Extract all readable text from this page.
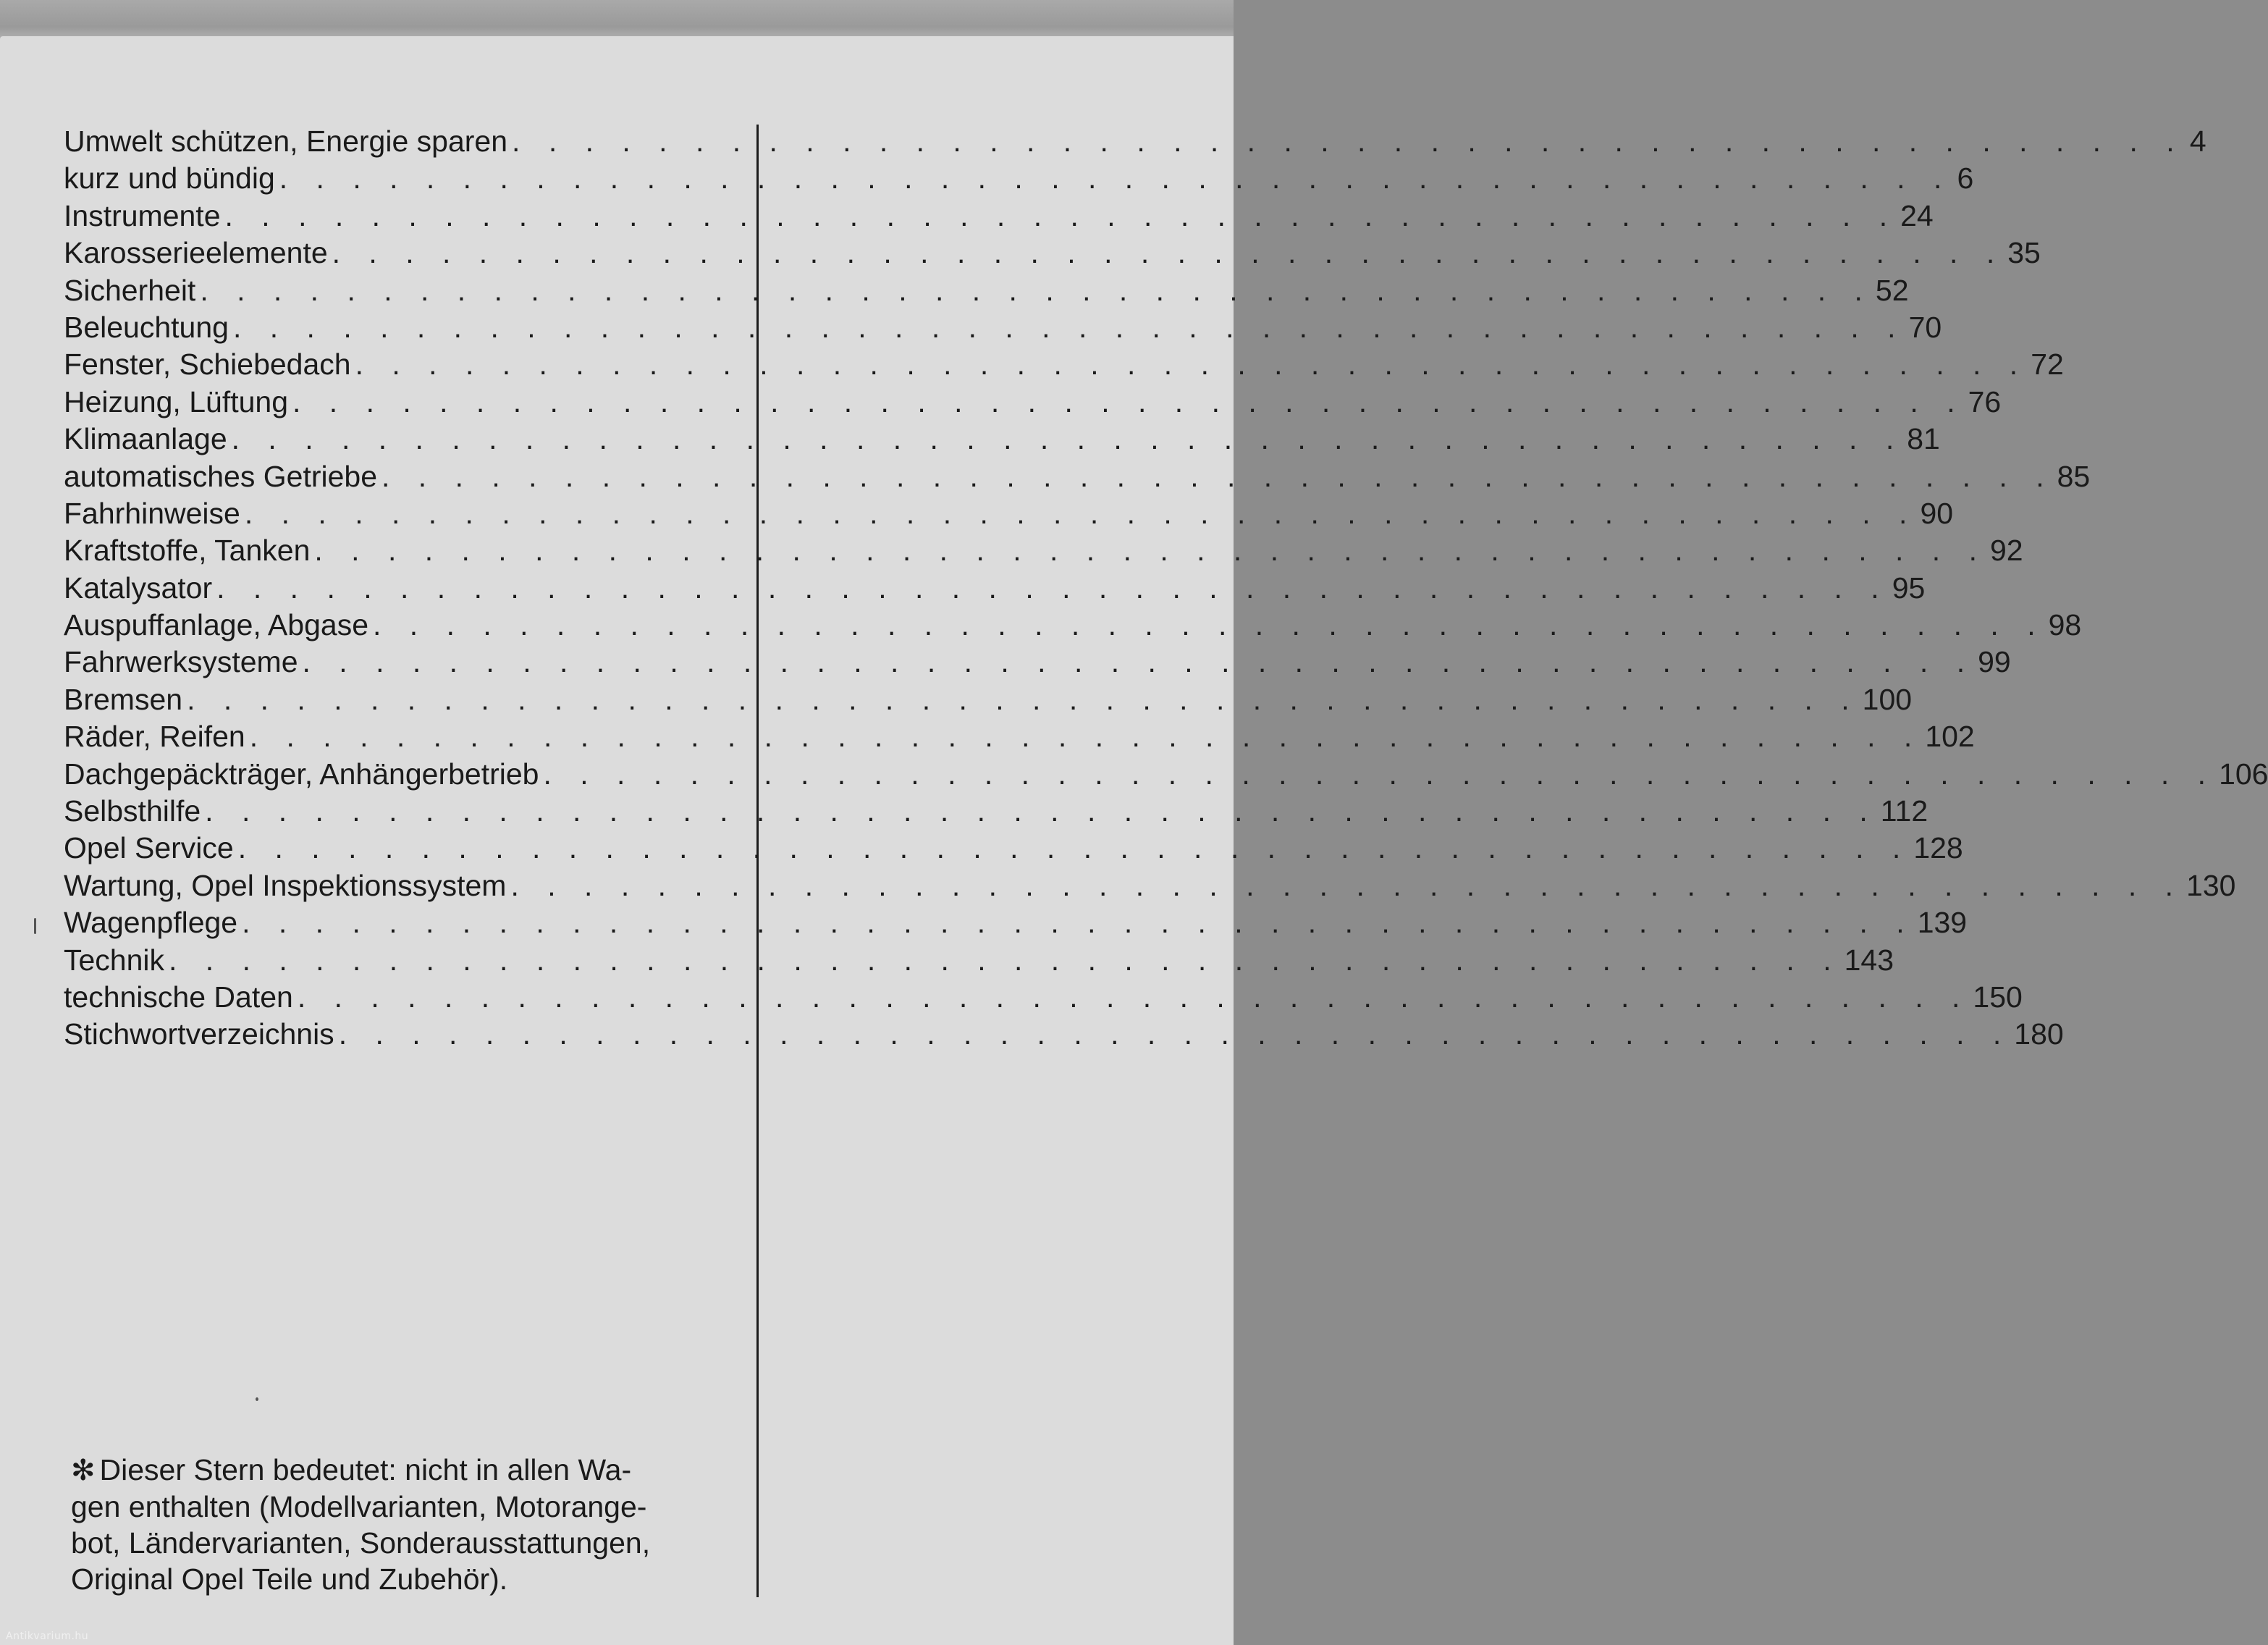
Umwelt schützen, Energie sparen . . . . . . . . . . . . . . . . . . . . . . . . . . . . . . . . . . . . . . . . . . . . . . 4
kurz und bündig . . . . . . . . . . . . . . . . . . . . . . . . . . . . . . . . . . . . . . . . . . . . . . 6
Instrumente . . . . . . . . . . . . . . . . . . . . . . . . . . . . . . . . . . . . . . . . . . . . . . 24
Karosserieelemente . . . . . . . . . . . . . . . . . . . . . . . . . . . . . . . . . . . . . . . . . . . . . . 35
Sicherheit . . . . . . . . . . . . . . . . . . . . . . . . . . . . . . . . . . . . . . . . . . . . . . 52
Beleuchtung . . . . . . . . . . . . . . . . . . . . . . . . . . . . . . . . . . . . . . . . . . . . . . 70
Fenster, Schiebedach . . . . . . . . . . . . . . . . . . . . . . . . . . . . . . . . . . . . . . . . . . . . . . 72
Heizung, Lüftung . . . . . . . . . . . . . . . . . . . . . . . . . . . . . . . . . . . . . . . . . . . . . . 76
Klimaanlage . . . . . . . . . . . . . . . . . . . . . . . . . . . . . . . . . . . . . . . . . . . . . . 81
automatisches Getriebe . . . . . . . . . . . . . . . . . . . . . . . . . . . . . . . . . . . . . . . . . . . . . . 85
Fahrhinweise . . . . . . . . . . . . . . . . . . . . . . . . . . . . . . . . . . . . . . . . . . . . . . 90
Kraftstoffe, Tanken . . . . . . . . . . . . . . . . . . . . . . . . . . . . . . . . . . . . . . . . . . . . . . 92
Katalysator . . . . . . . . . . . . . . . . . . . . . . . . . . . . . . . . . . . . . . . . . . . . . . 95
Auspuffanlage, Abgase . . . . . . . . . . . . . . . . . . . . . . . . . . . . . . . . . . . . . . . . . . . . . . 98
Fahrwerksysteme . . . . . . . . . . . . . . . . . . . . . . . . . . . . . . . . . . . . . . . . . . . . . . 99
Bremsen . . . . . . . . . . . . . . . . . . . . . . . . . . . . . . . . . . . . . . . . . . . . . . 100
Räder, Reifen . . . . . . . . . . . . . . . . . . . . . . . . . . . . . . . . . . . . . . . . . . . . . . 102
Dachgepäckträger, Anhängerbetrieb . . . . . . . . . . . . . . . . . . . . . . . . . . . . . . . . . . . . . . . . . . . . . . 106
Selbsthilfe . . . . . . . . . . . . . . . . . . . . . . . . . . . . . . . . . . . . . . . . . . . . . . 112
Opel Service . . . . . . . . . . . . . . . . . . . . . . . . . . . . . . . . . . . . . . . . . . . . . . 128
Wartung, Opel Inspektionssystem . . . . . . . . . . . . . . . . . . . . . . . . . . . . . . . . . . . . . . . . . . . . . . 130
Wagenpflege . . . . . . . . . . . . . . . . . . . . . . . . . . . . . . . . . . . . . . . . . . . . . . 139
Technik . . . . . . . . . . . . . . . . . . . . . . . . . . . . . . . . . . . . . . . . . . . . . . 143
technische Daten . . . . . . . . . . . . . . . . . . . . . . . . . . . . . . . . . . . . . . . . . . . . . . 150
Stichwortverzeichnis . . . . . . . . . . . . . . . . . . . . . . . . . . . . . . . . . . . . . . . . . . . . . . 180

✻ Dieser Stern bedeutet: nicht in allen Wa-

gen enthalten (Modellvarianten, Motorange-

bot, Ländervarianten, Sonderausstattungen,

Original Opel Teile und Zubehör).

Antikvarium.hu
